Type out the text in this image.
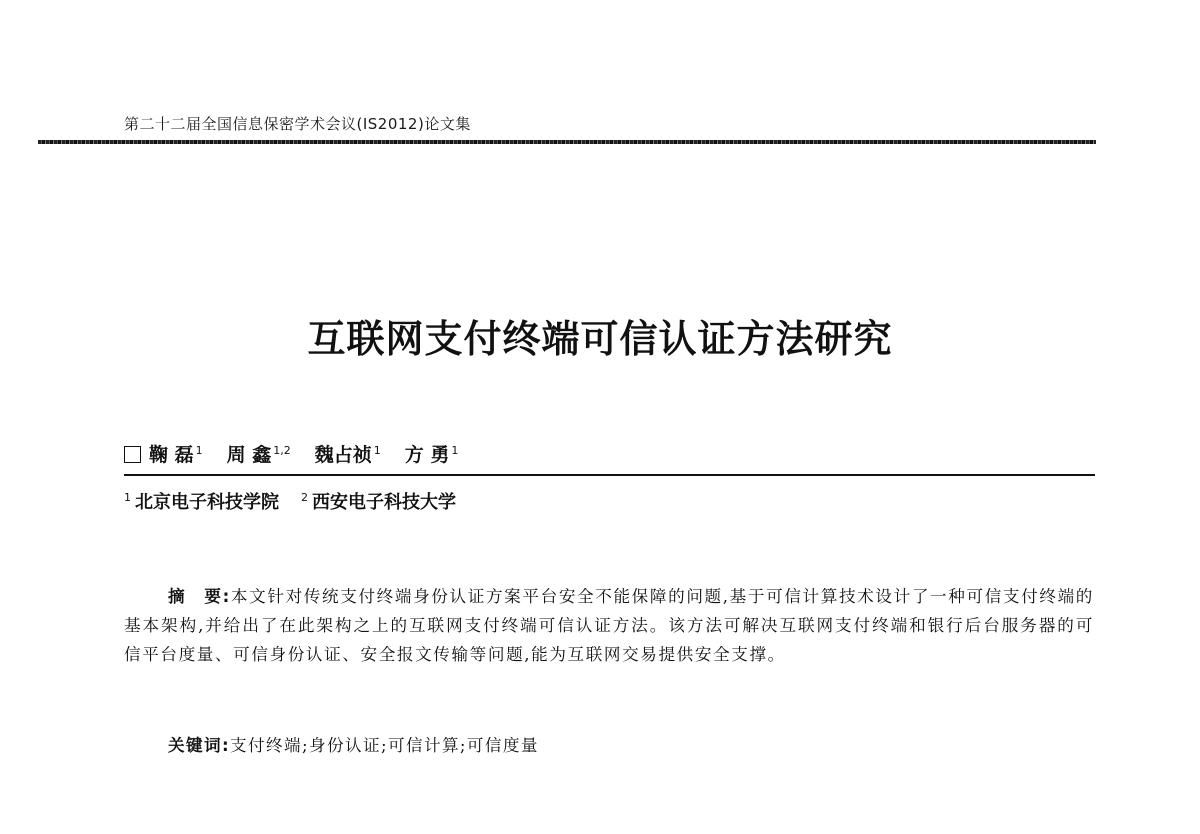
第二十二届全国信息保密学术会议(IS2012)论文集
互联网支付终端可信认证方法研究
鞠 磊 $^1$ 周 鑫 $^{1,2}$ 魏占祯 $^1$ 方 勇 $^1$
$^1$ 北京电子科技学院 $^2$ 西安电子科技大学
摘　要:本文针对传统支付终端身份认证方案平台安全不能保障的问题,基于可信计算技术设计了一种可信支付终端的基本架构,并给出了在此架构之上的互联网支付终端可信认证方法。该方法可解决互联网支付终端和银行后台服务器的可信平台度量、可信身份认证、安全报文传输等问题,能为互联网交易提供安全支撑。
关键词:支付终端;身份认证;可信计算;可信度量
